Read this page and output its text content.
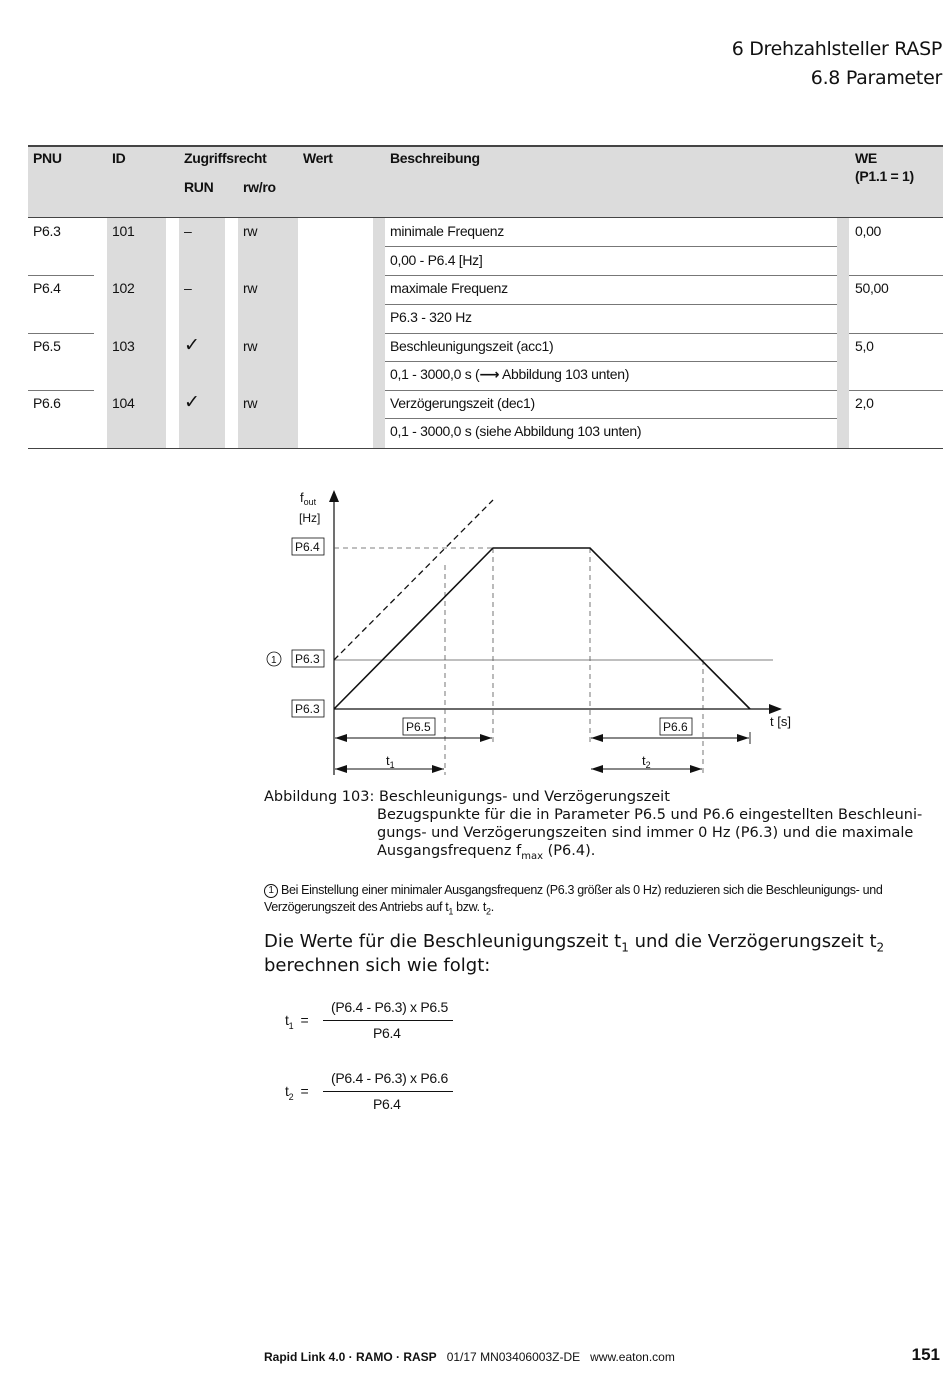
6 Drehzahlsteller RASP
6.8 Parameter
PNU	ID	Zugriffsrecht
RUN rw/ro
Wert	Beschreibung	WE
(P1.1 = 1)
P6.3	101	–	rw	minimale Frequenz
0,00 - P6.4 [Hz]
0,00
P6.4	102	–	rw	maximale Frequenz
P6.3 - 320 Hz
50,00
P6.5	103	✓	rw	Beschleunigungszeit (acc1)
0,1 - 3000,0 s (⟶ Abbildung 103 unten)
5,0
P6.6	104	✓	rw	Verzögerungszeit (dec1)
0,1 - 3000,0 s (siehe Abbildung 103 unten)
2,0
$f_{out}$
[Hz]
t [s]
P6.4
1 P6.3
P6.3
P6.5	P6.6
$t_1$	$t_2$
Abbildung 103: Beschleunigungs- und Verzögerungszeit
Bezugspunkte für die in Parameter P6.5 und P6.6 eingestellten Beschleuni-
gungs- und Verzögerungszeiten sind immer 0 Hz (P6.3) und die maximale
Ausgangsfrequenz $f_{max}$ (P6.4).
1 Bei Einstellung einer minimaler Ausgangsfrequenz (P6.3 größer als 0 Hz) reduzieren sich die Beschleunigungs- und
Verzögerungszeit des Antriebs auf $t_1$ bzw. $t_2$.
Die Werte für die Beschleunigungszeit $t_1$ und die Verzögerungszeit $t_2$
berechnen sich wie folgt:
$t_1$ =
(P6.4 - P6.3) x P6.5
P6.4
$t_2$ =
(P6.4 - P6.3) x P6.6
P6.4
Rapid Link 4.0 · RAMO · RASP 01/17 MN03406003Z-DE www.eaton.com	151
